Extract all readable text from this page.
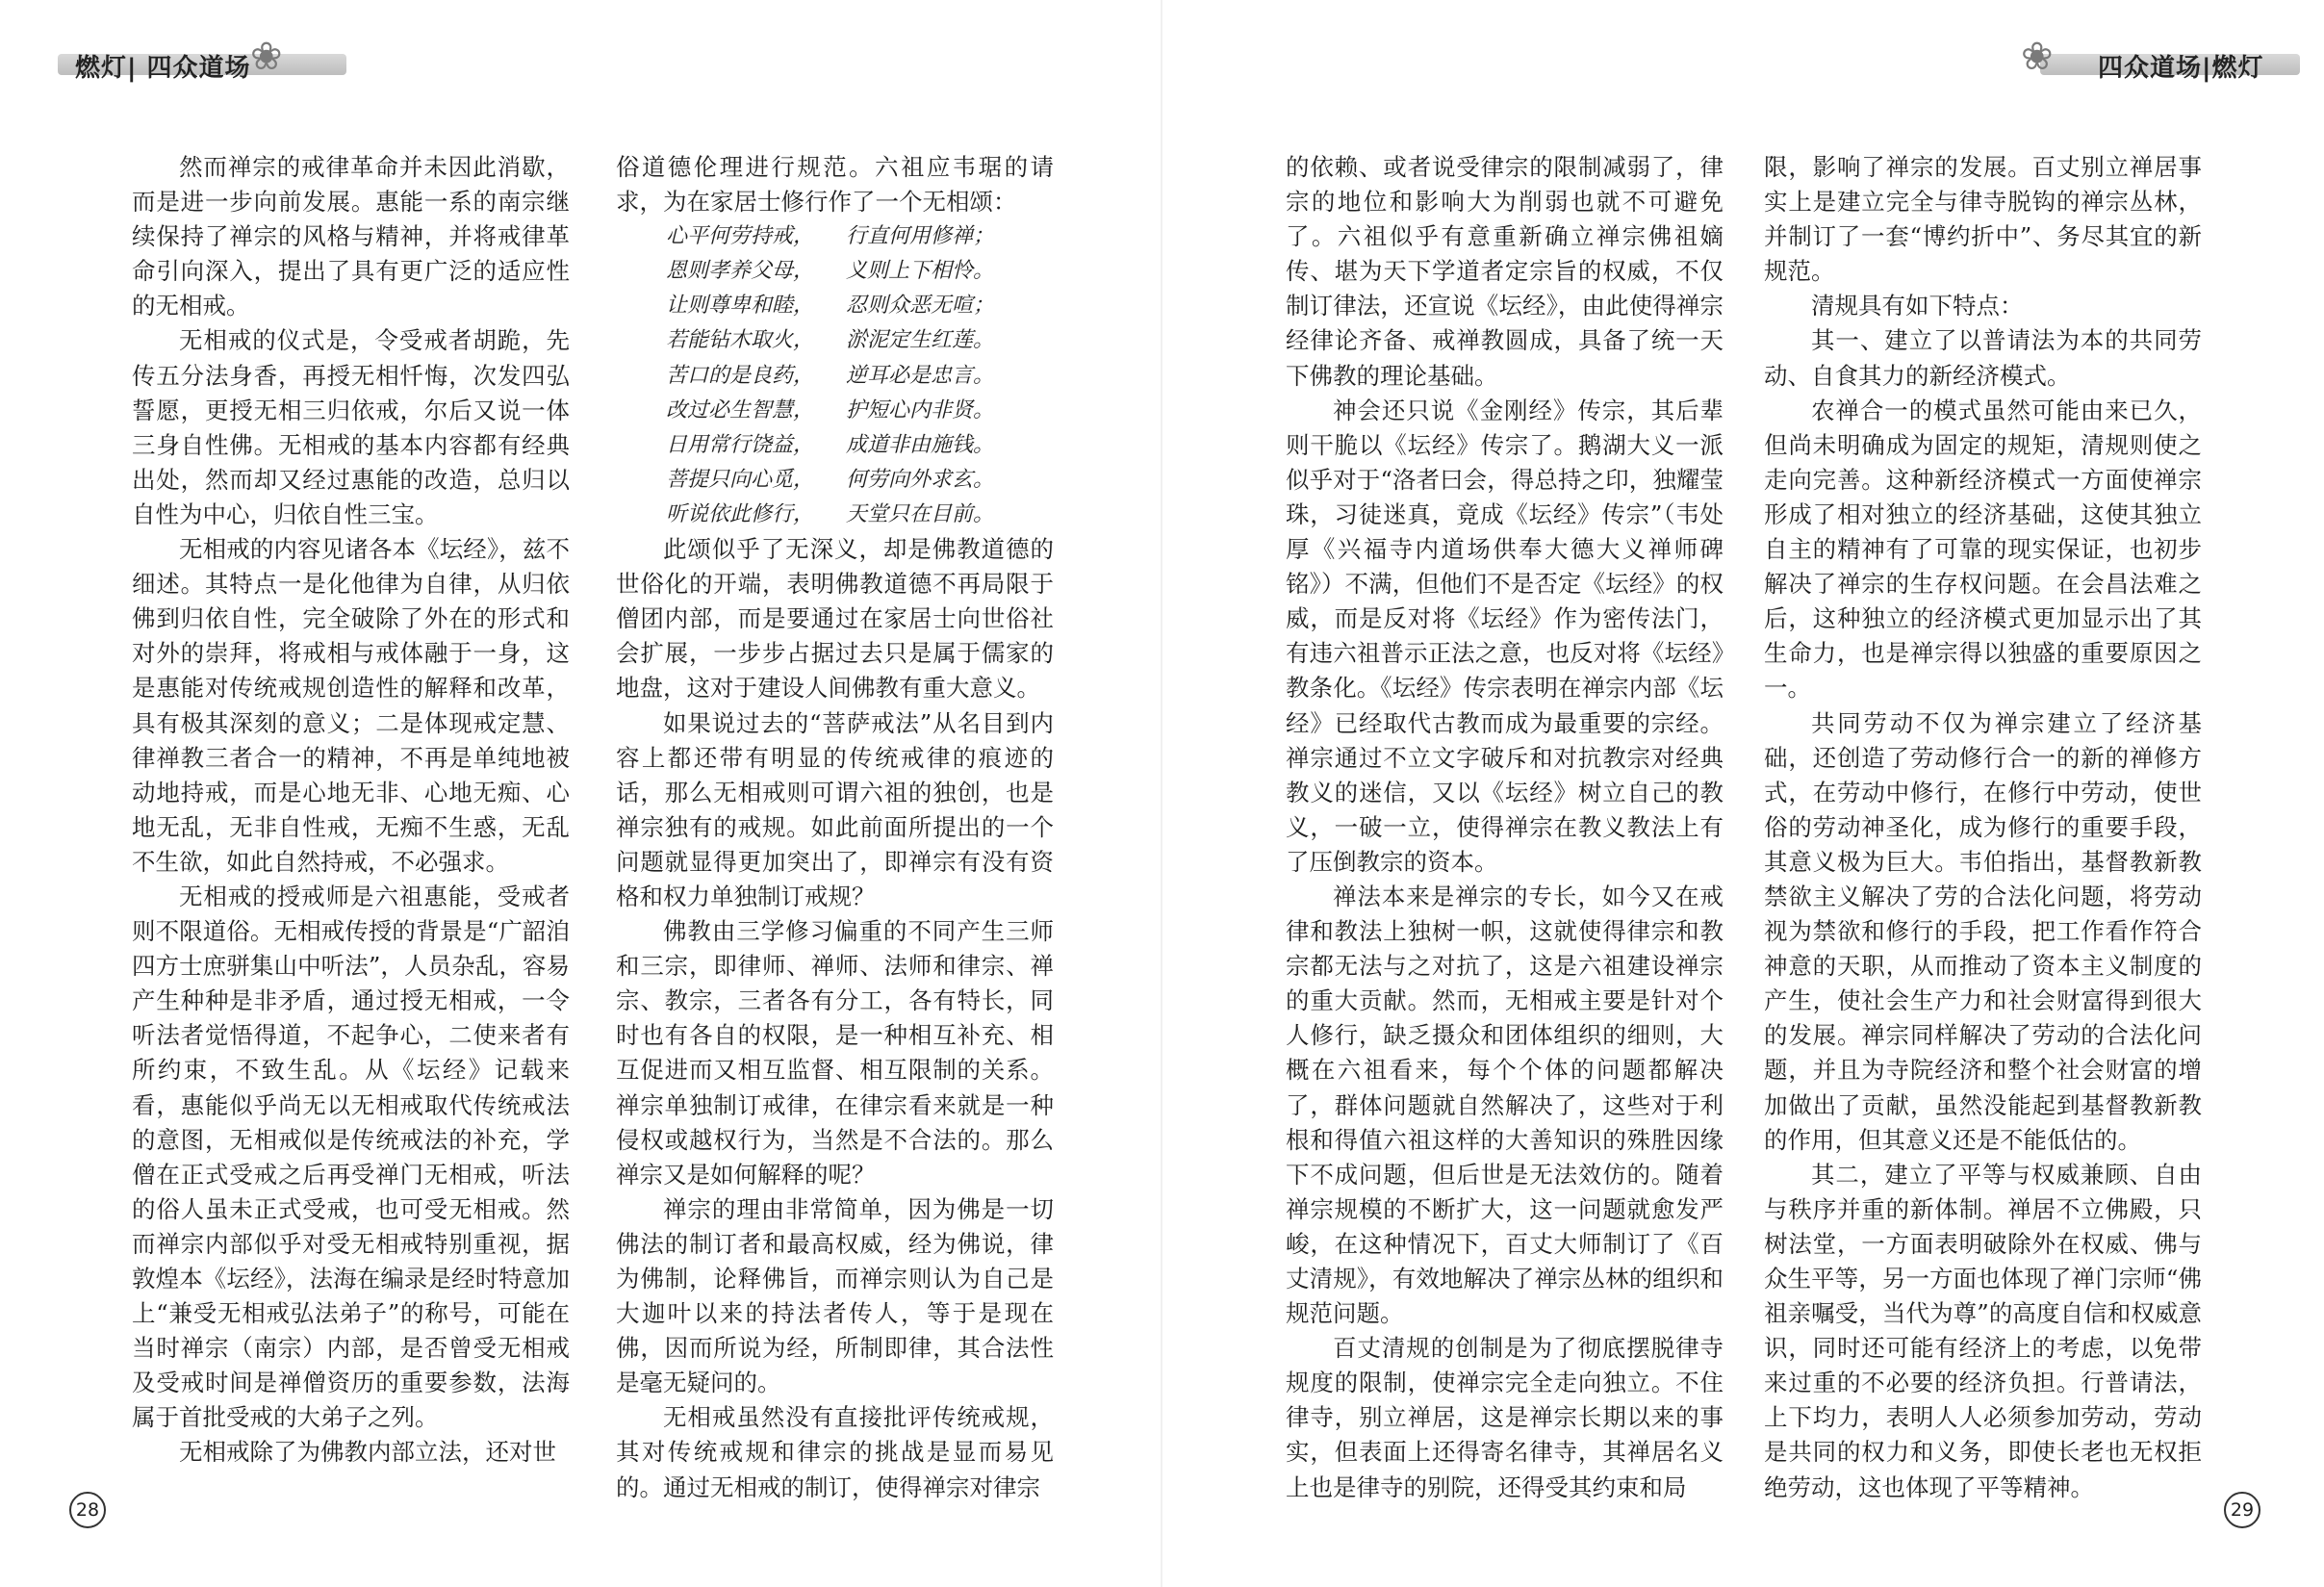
❀
燃灯| 四众道场

然而禅宗的戒律革命并未因此消歇，而是进一步向前发展。惠能一系的南宗继续保持了禅宗的风格与精神，并将戒律革命引向深入，提出了具有更广泛的适应性的无相戒。

无相戒的仪式是，令受戒者胡跪，先传五分法身香，再授无相忏悔，次发四弘誓愿，更授无相三归依戒，尔后又说一体三身自性佛。无相戒的基本内容都有经典出处，然而却又经过惠能的改造，总归以自性为中心，归依自性三宝。

无相戒的内容见诸各本《坛经》，兹不细述。其特点一是化他律为自律，从归依佛到归依自性，完全破除了外在的形式和对外的崇拜，将戒相与戒体融于一身，这是惠能对传统戒规创造性的解释和改革，具有极其深刻的意义；二是体现戒定慧、律禅教三者合一的精神，不再是单纯地被动地持戒，而是心地无非、心地无痴、心地无乱，无非自性戒，无痴不生惑，无乱不生欲，如此自然持戒，不必强求。

无相戒的授戒师是六祖惠能，受戒者则不限道俗。无相戒传授的背景是“广韶洎四方士庶骈集山中听法”，人员杂乱，容易产生种种是非矛盾，通过授无相戒，一令听法者觉悟得道，不起争心，二使来者有所约束，不致生乱。从《坛经》记载来看，惠能似乎尚无以无相戒取代传统戒法的意图，无相戒似是传统戒法的补充，学僧在正式受戒之后再受禅门无相戒，听法的俗人虽未正式受戒，也可受无相戒。然而禅宗内部似乎对受无相戒特别重视，据敦煌本《坛经》，法海在编录是经时特意加上“兼受无相戒弘法弟子”的称号，可能在当时禅宗（南宗）内部，是否曾受无相戒及受戒时间是禅僧资历的重要参数，法海属于首批受戒的大弟子之列。

无相戒除了为佛教内部立法，还对世

俗道德伦理进行规范。六祖应韦琚的请求，为在家居士修行作了一个无相颂：

心平何劳持戒，　　行直何用修禅；

恩则孝养父母，　　义则上下相怜。

让则尊卑和睦，　　忍则众恶无喧；

若能钻木取火，　　淤泥定生红莲。

苦口的是良药，　　逆耳必是忠言。

改过必生智慧，　　护短心内非贤。

日用常行饶益，　　成道非由施钱。

菩提只向心觅，　　何劳向外求玄。

听说依此修行，　　天堂只在目前。

此颂似乎了无深义，却是佛教道德的世俗化的开端，表明佛教道德不再局限于僧团内部，而是要通过在家居士向世俗社会扩展，一步步占据过去只是属于儒家的地盘，这对于建设人间佛教有重大意义。

如果说过去的“菩萨戒法”从名目到内容上都还带有明显的传统戒律的痕迹的话，那么无相戒则可谓六祖的独创，也是禅宗独有的戒规。如此前面所提出的一个问题就显得更加突出了，即禅宗有没有资格和权力单独制订戒规？

佛教由三学修习偏重的不同产生三师和三宗，即律师、禅师、法师和律宗、禅宗、教宗，三者各有分工，各有特长，同时也有各自的权限，是一种相互补充、相互促进而又相互监督、相互限制的关系。禅宗单独制订戒律，在律宗看来就是一种侵权或越权行为，当然是不合法的。那么禅宗又是如何解释的呢？

禅宗的理由非常简单，因为佛是一切佛法的制订者和最高权威，经为佛说，律为佛制，论释佛旨，而禅宗则认为自己是大迦叶以来的持法者传人，等于是现在佛，因而所说为经，所制即律，其合法性是毫无疑问的。

无相戒虽然没有直接批评传统戒规，其对传统戒规和律宗的挑战是显而易见的。通过无相戒的制订，使得禅宗对律宗

28
❀ 四众道场|燃灯

的依赖、或者说受律宗的限制减弱了，律宗的地位和影响大为削弱也就不可避免了。六祖似乎有意重新确立禅宗佛祖嫡传、堪为天下学道者定宗旨的权威，不仅制订律法，还宣说《坛经》，由此使得禅宗经律论齐备、戒禅教圆成，具备了统一天下佛教的理论基础。

神会还只说《金刚经》传宗，其后辈则干脆以《坛经》传宗了。鹅湖大义一派似乎对于“洛者曰会，得总持之印，独耀莹珠，习徒迷真，竟成《坛经》传宗”（韦处厚《兴福寺内道场供奉大德大义禅师碑铭》）不满，但他们不是否定《坛经》的权威，而是反对将《坛经》作为密传法门，有违六祖普示正法之意，也反对将《坛经》教条化。《坛经》传宗表明在禅宗内部《坛经》已经取代古教而成为最重要的宗经。禅宗通过不立文字破斥和对抗教宗对经典教义的迷信，又以《坛经》树立自己的教义，一破一立，使得禅宗在教义教法上有了压倒教宗的资本。

禅法本来是禅宗的专长，如今又在戒律和教法上独树一帜，这就使得律宗和教宗都无法与之对抗了，这是六祖建设禅宗的重大贡献。然而，无相戒主要是针对个人修行，缺乏摄众和团体组织的细则，大概在六祖看来，每个个体的问题都解决了，群体问题就自然解决了，这些对于利根和得值六祖这样的大善知识的殊胜因缘下不成问题，但后世是无法效仿的。随着禅宗规模的不断扩大，这一问题就愈发严峻，在这种情况下，百丈大师制订了《百丈清规》，有效地解决了禅宗丛林的组织和规范问题。

百丈清规的创制是为了彻底摆脱律寺规度的限制，使禅宗完全走向独立。不住律寺，别立禅居，这是禅宗长期以来的事实，但表面上还得寄名律寺，其禅居名义上也是律寺的别院，还得受其约束和局

限，影响了禅宗的发展。百丈别立禅居事实上是建立完全与律寺脱钩的禅宗丛林，并制订了一套“博约折中”、务尽其宜的新规范。

清规具有如下特点：

其一、建立了以普请法为本的共同劳动、自食其力的新经济模式。

农禅合一的模式虽然可能由来已久，但尚未明确成为固定的规矩，清规则使之走向完善。这种新经济模式一方面使禅宗形成了相对独立的经济基础，这使其独立自主的精神有了可靠的现实保证，也初步解决了禅宗的生存权问题。在会昌法难之后，这种独立的经济模式更加显示出了其生命力，也是禅宗得以独盛的重要原因之一。

共同劳动不仅为禅宗建立了经济基础，还创造了劳动修行合一的新的禅修方式，在劳动中修行，在修行中劳动，使世俗的劳动神圣化，成为修行的重要手段，其意义极为巨大。韦伯指出，基督教新教禁欲主义解决了劳的合法化问题，将劳动视为禁欲和修行的手段，把工作看作符合神意的天职，从而推动了资本主义制度的产生，使社会生产力和社会财富得到很大的发展。禅宗同样解决了劳动的合法化问题，并且为寺院经济和整个社会财富的增加做出了贡献，虽然没能起到基督教新教的作用，但其意义还是不能低估的。

其二，建立了平等与权威兼顾、自由与秩序并重的新体制。禅居不立佛殿，只树法堂，一方面表明破除外在权威、佛与众生平等，另一方面也体现了禅门宗师“佛祖亲嘱受，当代为尊”的高度自信和权威意识，同时还可能有经济上的考虑，以免带来过重的不必要的经济负担。行普请法，上下均力，表明人人必须参加劳动，劳动是共同的权力和义务，即使长老也无权拒绝劳动，这也体现了平等精神。

29
